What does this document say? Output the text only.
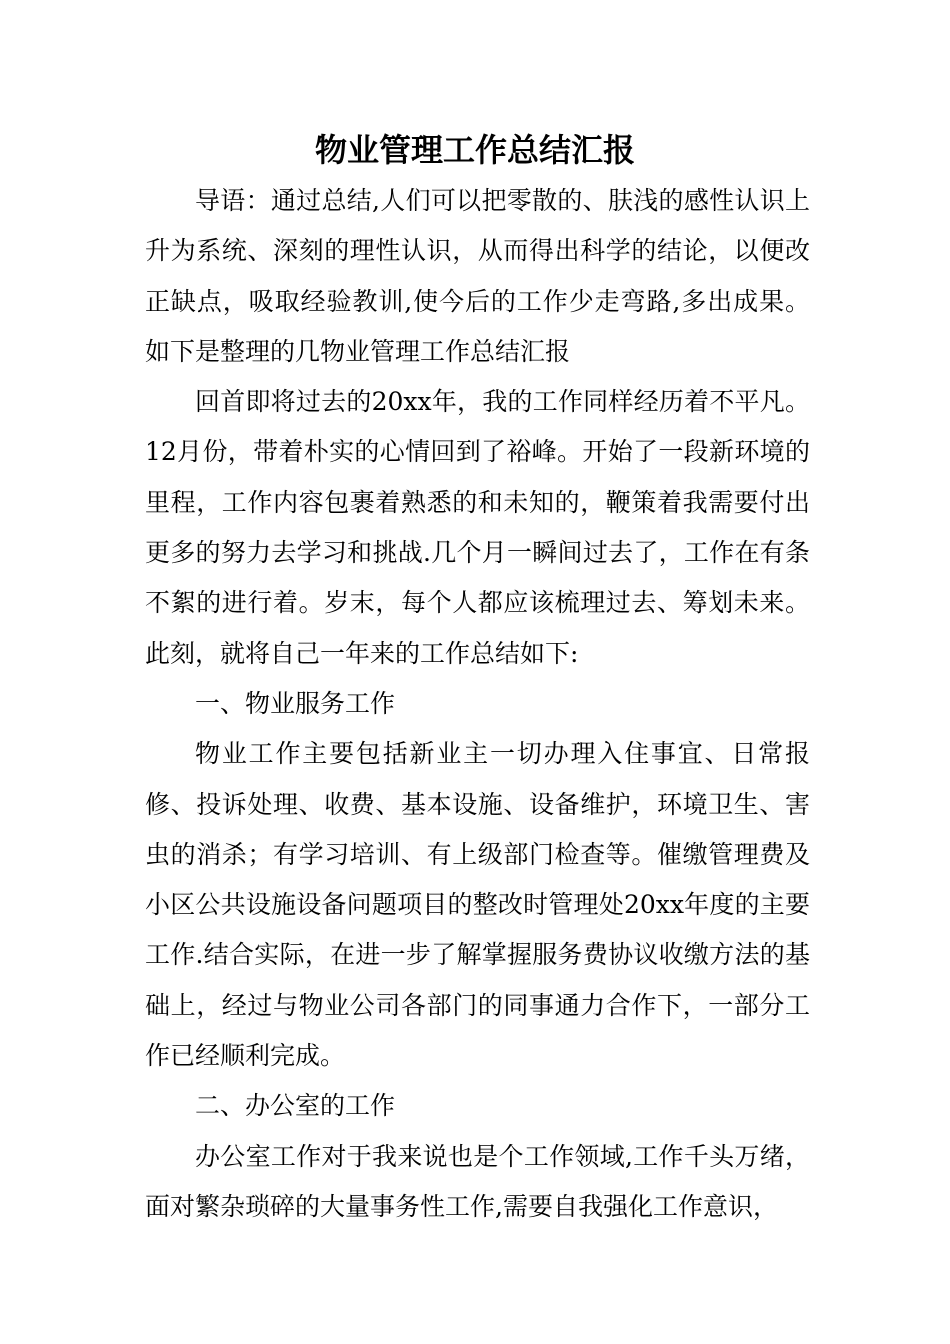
物业管理工作总结汇报

导语：通过总结,人们可以把零散的、肤浅的感性认识上升为系统、深刻的理性认识，从而得出科学的结论，以便改正缺点，吸取经验教训,使今后的工作少走弯路,多出成果。如下是整理的几物业管理工作总结汇报

回首即将过去的20xx年，我的工作同样经历着不平凡。12月份，带着朴实的心情回到了裕峰。开始了一段新环境的里程，工作内容包裹着熟悉的和未知的，鞭策着我需要付出更多的努力去学习和挑战.几个月一瞬间过去了，工作在有条不絮的进行着。岁末，每个人都应该梳理过去、筹划未来。此刻，就将自己一年来的工作总结如下:

一、物业服务工作

物业工作主要包括新业主一切办理入住事宜、日常报修、投诉处理、收费、基本设施、设备维护，环境卫生、害虫的消杀；有学习培训、有上级部门检查等。催缴管理费及小区公共设施设备问题项目的整改时管理处20xx年度的主要工作.结合实际，在进一步了解掌握服务费协议收缴方法的基础上，经过与物业公司各部门的同事通力合作下，一部分工作已经顺利完成。

二、办公室的工作

办公室工作对于我来说也是个工作领域,工作千头万绪，面对繁杂琐碎的大量事务性工作,需要自我强化工作意识，
